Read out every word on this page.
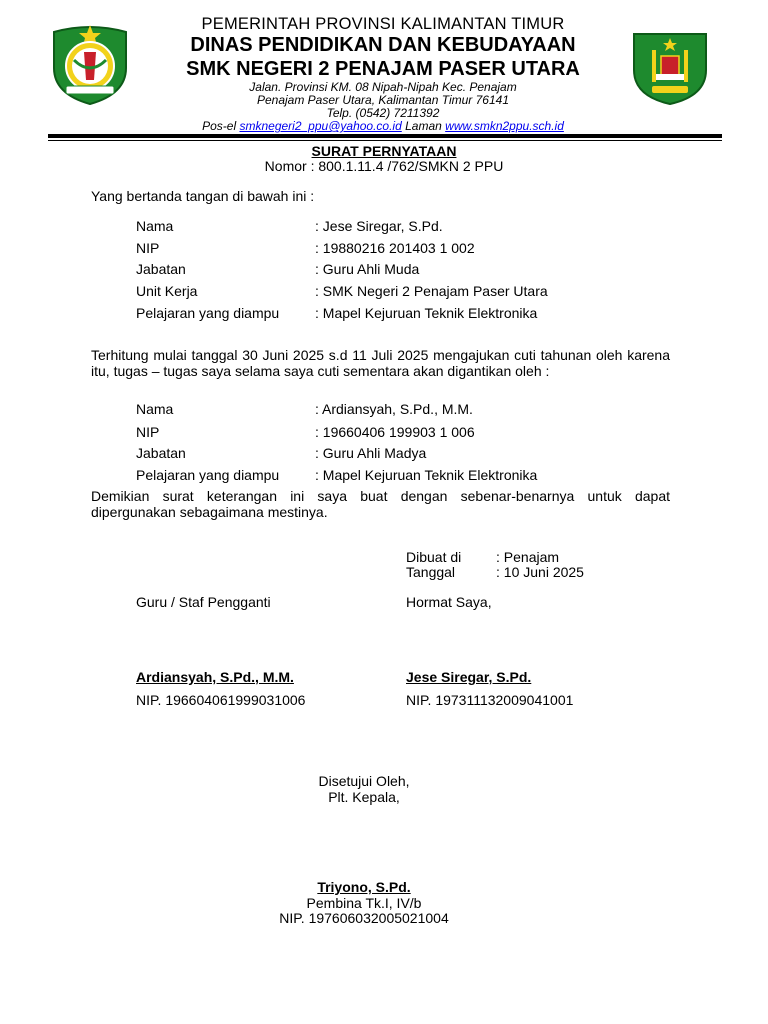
PEMERINTAH PROVINSI KALIMANTAN TIMUR
DINAS PENDIDIKAN DAN KEBUDAYAAN
SMK NEGERI 2 PENAJAM PASER UTARA
Jalan. Provinsi KM. 08 Nipah-Nipah Kec. Penajam
Penajam Paser Utara, Kalimantan Timur 76141
Telp. (0542) 7211392
Pos-el smknegeri2_ppu@yahoo.co.id Laman www.smkn2ppu.sch.id
SURAT PERNYATAAN
Nomor : 800.1.11.4 /762/SMKN 2 PPU
Yang bertanda tangan di bawah ini :
Nama	: Jese Siregar, S.Pd.
NIP	: 19880216 201403 1 002
Jabatan	: Guru Ahli Muda
Unit Kerja	: SMK Negeri 2 Penajam Paser Utara
Pelajaran yang diampu	: Mapel Kejuruan Teknik Elektronika
Terhitung mulai tanggal 30 Juni 2025 s.d 11 Juli 2025 mengajukan cuti tahunan oleh karena itu, tugas – tugas saya selama saya cuti sementara akan digantikan oleh :
Nama	: Ardiansyah, S.Pd., M.M.
NIP	: 19660406 199903 1 006
Jabatan	: Guru Ahli Madya
Pelajaran yang diampu	: Mapel Kejuruan Teknik Elektronika
Demikian surat keterangan ini saya buat dengan sebenar-benarnya untuk dapat dipergunakan sebagaimana mestinya.
Dibuat di : Penajam
Tanggal	: 10 Juni 2025
Guru / Staf Pengganti	Hormat Saya,
Ardiansyah, S.Pd., M.M.	Jese Siregar, S.Pd.
NIP. 196604061999031006	NIP. 197311132009041001
Disetujui Oleh,
Plt. Kepala,
Triyono, S.Pd.
Pembina Tk.I, IV/b
NIP. 197606032005021004
